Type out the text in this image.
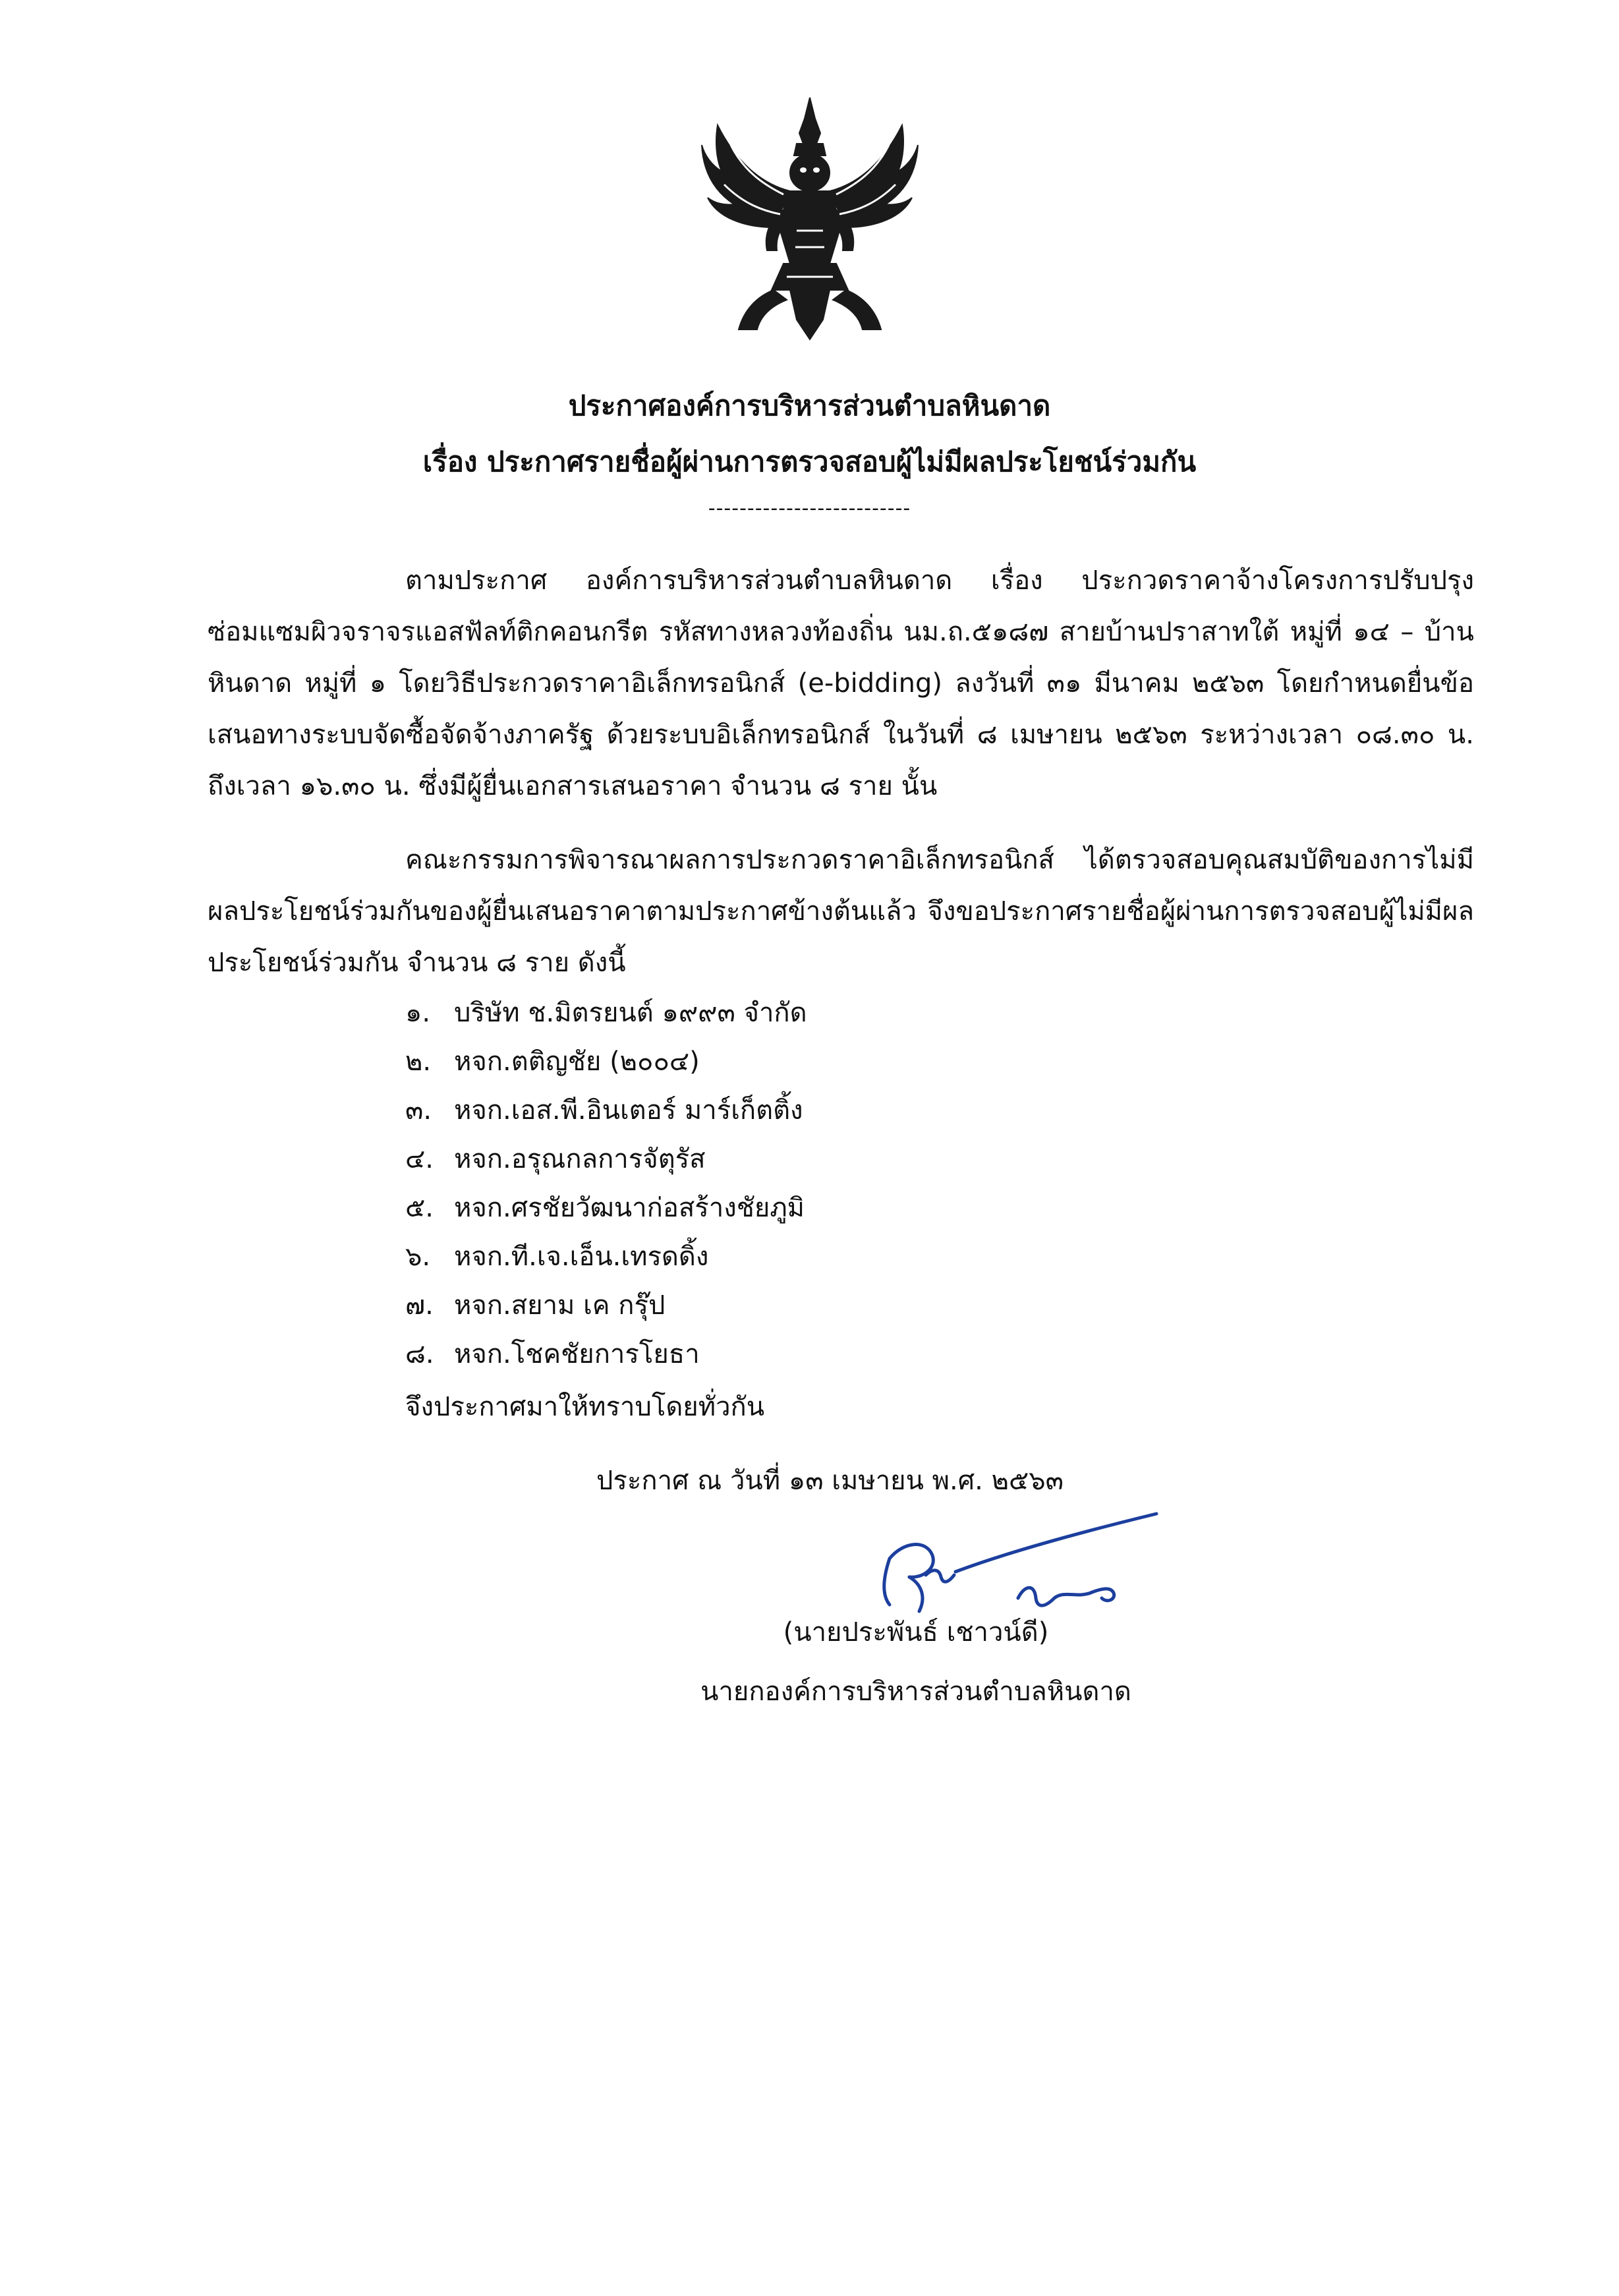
ประกาศองค์การบริหารส่วนตำบลหินดาด
เรื่อง ประกาศรายชื่อผู้ผ่านการตรวจสอบผู้ไม่มีผลประโยชน์ร่วมกัน
--------------------------

ตามประกาศ องค์การบริหารส่วนตำบลหินดาด เรื่อง ประกวดราคาจ้างโครงการปรับปรุงซ่อมแซมผิวจราจรแอสฟัลท์ติกคอนกรีต รหัสทางหลวงท้องถิ่น นม.ถ.๕๑๘๗ สายบ้านปราสาทใต้ หมู่ที่ ๑๔ – บ้านหินดาด หมู่ที่ ๑ โดยวิธีประกวดราคาอิเล็กทรอนิกส์ (e-bidding) ลงวันที่ ๓๑ มีนาคม ๒๕๖๓ โดยกำหนดยื่นข้อเสนอทางระบบจัดซื้อจัดจ้างภาครัฐ ด้วยระบบอิเล็กทรอนิกส์ ในวันที่ ๘ เมษายน ๒๕๖๓ ระหว่างเวลา ๐๘.๓๐ น. ถึงเวลา ๑๖.๓๐ น. ซึ่งมีผู้ยื่นเอกสารเสนอราคา จำนวน ๘ ราย นั้น

คณะกรรมการพิจารณาผลการประกวดราคาอิเล็กทรอนิกส์ ได้ตรวจสอบคุณสมบัติของการไม่มีผลประโยชน์ร่วมกันของผู้ยื่นเสนอราคาตามประกาศข้างต้นแล้ว จึงขอประกาศรายชื่อผู้ผ่านการตรวจสอบผู้ไม่มีผลประโยชน์ร่วมกัน จำนวน ๘ ราย ดังนี้

๑. บริษัท ช.มิตรยนต์ ๑๙๙๓ จำกัด
๒. หจก.ตติญชัย (๒๐๐๔)
๓. หจก.เอส.พี.อินเตอร์ มาร์เก็ตติ้ง
๔. หจก.อรุณกลการจัตุรัส
๕. หจก.ศรชัยวัฒนาก่อสร้างชัยภูมิ
๖. หจก.ที.เจ.เอ็น.เทรดดิ้ง
๗. หจก.สยาม เค กรุ๊ป
๘. หจก.โชคชัยการโยธา
จึงประกาศมาให้ทราบโดยทั่วกัน
ประกาศ ณ วันที่ ๑๓ เมษายน พ.ศ. ๒๕๖๓
(นายประพันธ์ เชาวน์ดี)
นายกองค์การบริหารส่วนตำบลหินดาด
